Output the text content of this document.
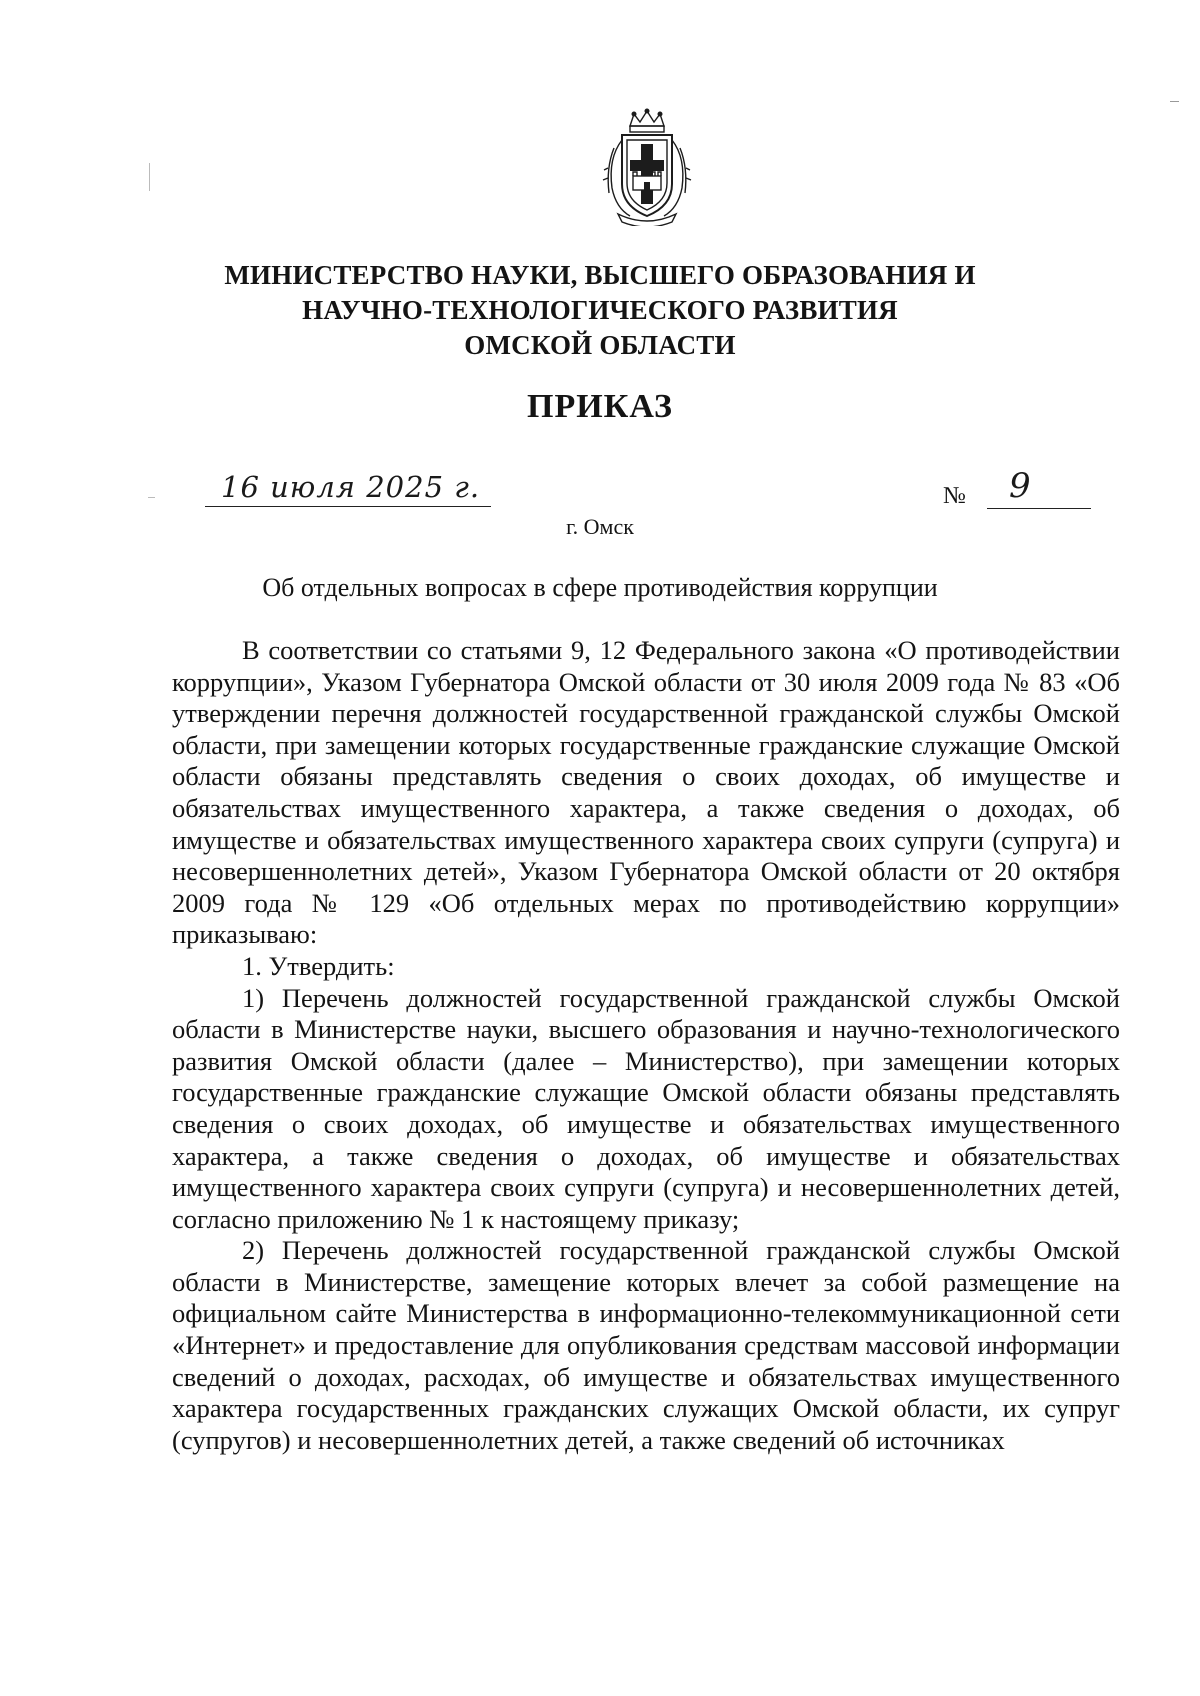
МИНИСТЕРСТВО НАУКИ, ВЫСШЕГО ОБРАЗОВАНИЯ И
НАУЧНО-ТЕХНОЛОГИЧЕСКОГО РАЗВИТИЯ
ОМСКОЙ ОБЛАСТИ
ПРИКАЗ
16 июля 2025 г.	№ 9
г. Омск
Об отдельных вопросах в сфере противодействия коррупции

В соответствии со статьями 9, 12 Федерального закона «О противодействии коррупции», Указом Губернатора Омской области от 30 июля 2009 года № 83 «Об утверждении перечня должностей государственной гражданской службы Омской области, при замещении которых государственные гражданские служащие Омской области обязаны представлять сведения о своих доходах, об имуществе и обязательствах имущественного характера, а также сведения о доходах, об имуществе и обязательствах имущественного характера своих супруги (супруга) и несовершеннолетних детей», Указом Губернатора Омской области от 20 октября 2009 года № 129 «Об отдельных мерах по противодействию коррупции» приказываю:

1. Утвердить:

1) Перечень должностей государственной гражданской службы Омской области в Министерстве науки, высшего образования и научно-технологического развития Омской области (далее – Министерство), при замещении которых государственные гражданские служащие Омской области обязаны представлять сведения о своих доходах, об имуществе и обязательствах имущественного характера, а также сведения о доходах, об имуществе и обязательствах имущественного характера своих супруги (супруга) и несовершеннолетних детей, согласно приложению № 1 к настоящему приказу;

2) Перечень должностей государственной гражданской службы Омской области в Министерстве, замещение которых влечет за собой размещение на официальном сайте Министерства в информационно-телекоммуникационной сети «Интернет» и предоставление для опубликования средствам массовой информации сведений о доходах, расходах, об имуществе и обязательствах имущественного характера государственных гражданских служащих Омской области, их супруг (супругов) и несовершеннолетних детей, а также сведений об источниках
